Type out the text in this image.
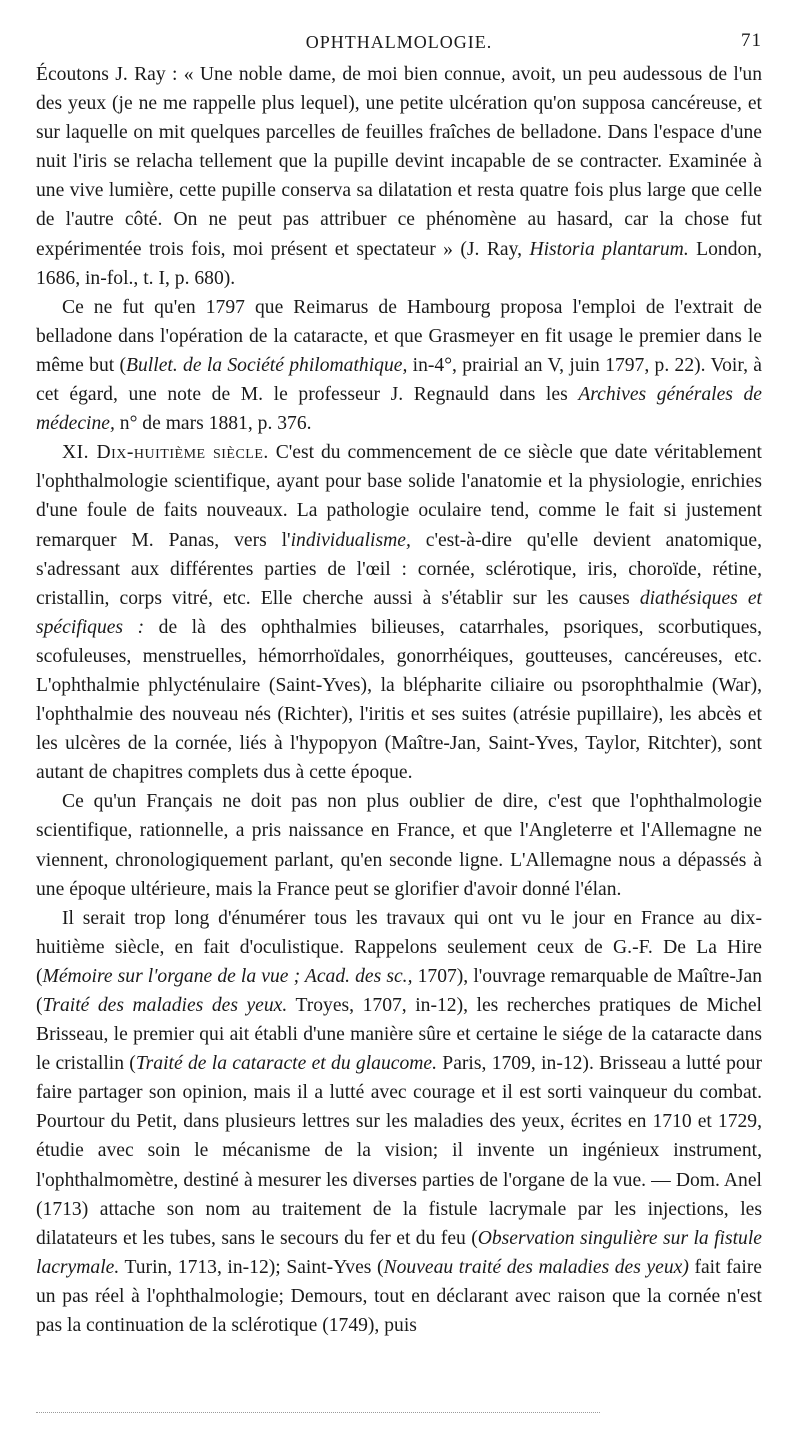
OPHTHALMOLOGIE.	71

Écoutons J. Ray : « Une noble dame, de moi bien connue, avoit, un peu audessous de l'un des yeux (je ne me rappelle plus lequel), une petite ulcération qu'on supposa cancéreuse, et sur laquelle on mit quelques parcelles de feuilles fraîches de belladone. Dans l'espace d'une nuit l'iris se relacha tellement que la pupille devint incapable de se contracter. Examinée à une vive lumière, cette pupille conserva sa dilatation et resta quatre fois plus large que celle de l'autre côté. On ne peut pas attribuer ce phénomène au hasard, car la chose fut expérimentée trois fois, moi présent et spectateur » (J. Ray, Historia plantarum. London, 1686, in-fol., t. I, p. 680).

Ce ne fut qu'en 1797 que Reimarus de Hambourg proposa l'emploi de l'extrait de belladone dans l'opération de la cataracte, et que Grasmeyer en fit usage le premier dans le même but (Bullet. de la Société philomathique, in-4°, prairial an V, juin 1797, p. 22). Voir, à cet égard, une note de M. le professeur J. Regnauld dans les Archives générales de médecine, n° de mars 1881, p. 376.

XI. Dix-huitième siècle. C'est du commencement de ce siècle que date véritablement l'ophthalmologie scientifique, ayant pour base solide l'anatomie et la physiologie, enrichies d'une foule de faits nouveaux. La pathologie oculaire tend, comme le fait si justement remarquer M. Panas, vers l'individualisme, c'est-à-dire qu'elle devient anatomique, s'adressant aux différentes parties de l'œil : cornée, sclérotique, iris, choroïde, rétine, cristallin, corps vitré, etc. Elle cherche aussi à s'établir sur les causes diathésiques et spécifiques : de là des ophthalmies bilieuses, catarrhales, psoriques, scorbutiques, scofuleuses, menstruelles, hémorrhoïdales, gonorrhéiques, goutteuses, cancéreuses, etc. L'ophthalmie phlycténulaire (Saint-Yves), la blépharite ciliaire ou psorophthalmie (War), l'ophthalmie des nouveau nés (Richter), l'iritis et ses suites (atrésie pupillaire), les abcès et les ulcères de la cornée, liés à l'hypopyon (Maître-Jan, Saint-Yves, Taylor, Ritchter), sont autant de chapitres complets dus à cette époque.

Ce qu'un Français ne doit pas non plus oublier de dire, c'est que l'ophthalmologie scientifique, rationnelle, a pris naissance en France, et que l'Angleterre et l'Allemagne ne viennent, chronologiquement parlant, qu'en seconde ligne. L'Allemagne nous a dépassés à une époque ultérieure, mais la France peut se glorifier d'avoir donné l'élan.

Il serait trop long d'énumérer tous les travaux qui ont vu le jour en France au dix-huitième siècle, en fait d'oculistique. Rappelons seulement ceux de G.-F. De La Hire (Mémoire sur l'organe de la vue ; Acad. des sc., 1707), l'ouvrage remarquable de Maître-Jan (Traité des maladies des yeux. Troyes, 1707, in-12), les recherches pratiques de Michel Brisseau, le premier qui ait établi d'une manière sûre et certaine le siége de la cataracte dans le cristallin (Traité de la cataracte et du glaucome. Paris, 1709, in-12). Brisseau a lutté pour faire partager son opinion, mais il a lutté avec courage et il est sorti vainqueur du combat. Pourtour du Petit, dans plusieurs lettres sur les maladies des yeux, écrites en 1710 et 1729, étudie avec soin le mécanisme de la vision; il invente un ingénieux instrument, l'ophthalmomètre, destiné à mesurer les diverses parties de l'organe de la vue. — Dom. Anel (1713) attache son nom au traitement de la fistule lacrymale par les injections, les dilatateurs et les tubes, sans le secours du fer et du feu (Observation singulière sur la fistule lacrymale. Turin, 1713, in-12); Saint-Yves (Nouveau traité des maladies des yeux) fait faire un pas réel à l'ophthalmologie; Demours, tout en déclarant avec raison que la cornée n'est pas la continuation de la sclérotique (1749), puis
